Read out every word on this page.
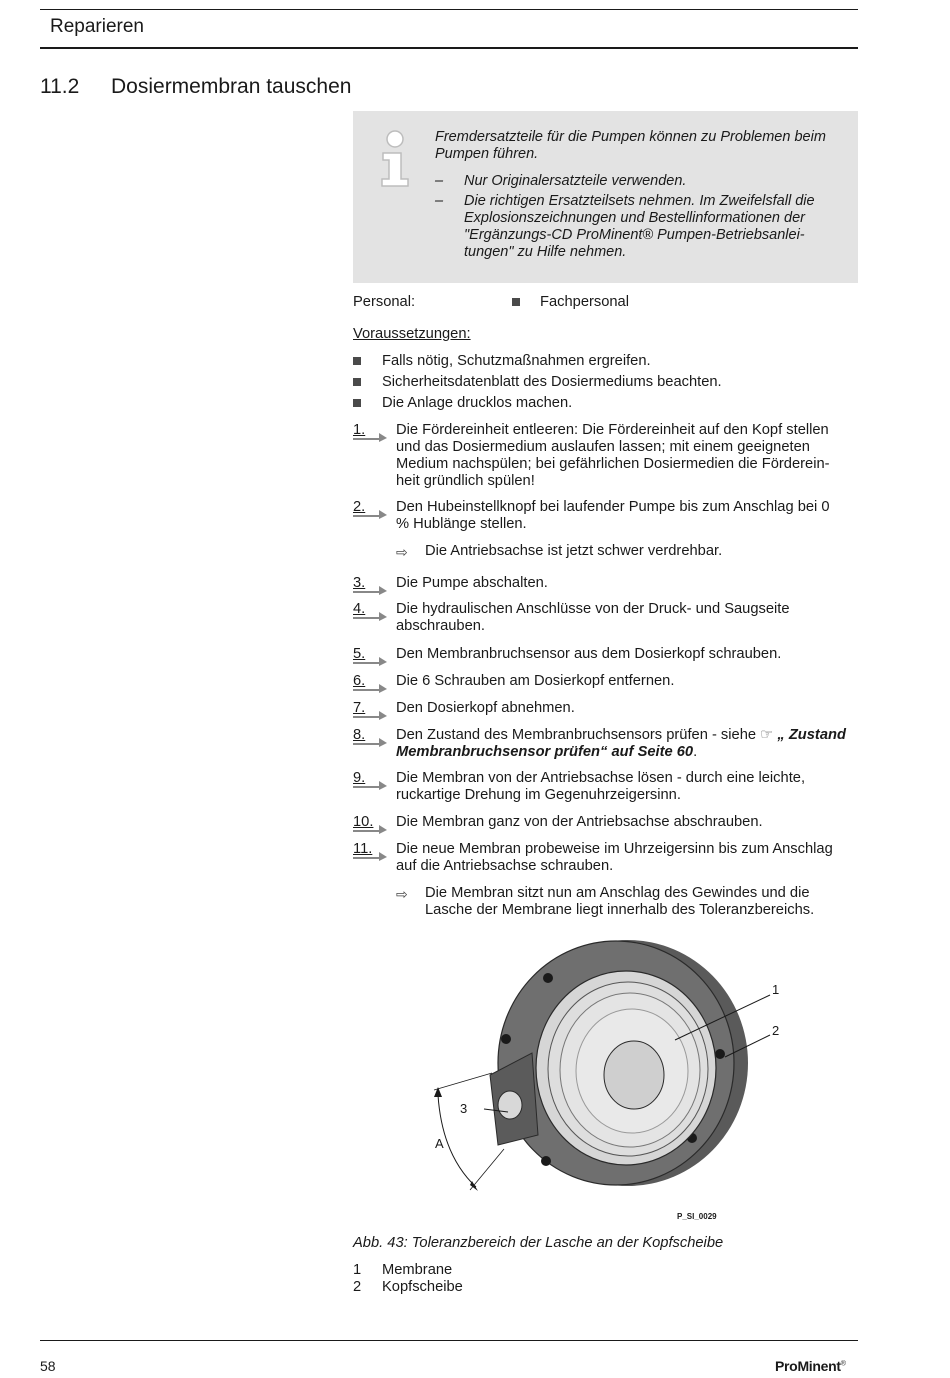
Reparieren
11.2 Dosiermembran tauschen
Fremdersatzteile für die Pumpen können zu Problemen beim
Pumpen führen.
– Nur Originalersatzteile verwenden.
– Die richtigen Ersatzteilsets nehmen. Im Zweifelsfall die
Explosionszeichnungen und Bestellinformationen der
"Ergänzungs-CD ProMinent® Pumpen-Betriebsanlei-
tungen" zu Hilfe nehmen.
Personal:	Fachpersonal
Voraussetzungen:
Falls nötig, Schutzmaßnahmen ergreifen.
Sicherheitsdatenblatt des Dosiermediums beachten.
Die Anlage drucklos machen.
1.	Die Fördereinheit entleeren: Die Fördereinheit auf den Kopf stellen
und das Dosiermedium auslaufen lassen; mit einem geeigneten
Medium nachspülen; bei gefährlichen Dosiermedien die Förderein-
heit gründlich spülen!
2.	Den Hubeinstellknopf bei laufender Pumpe bis zum Anschlag bei 0
% Hublänge stellen.
⇨ Die Antriebsachse ist jetzt schwer verdrehbar.
3.	Die Pumpe abschalten.
4.	Die hydraulischen Anschlüsse von der Druck- und Saugseite
abschrauben.
5.	Den Membranbruchsensor aus dem Dosierkopf schrauben.
6.	Die 6 Schrauben am Dosierkopf entfernen.
7.	Den Dosierkopf abnehmen.
8.	Den Zustand des Membranbruchsensors prüfen - siehe ☞ „ Zustand
Membranbruchsensor prüfen“ auf Seite 60.
9.	Die Membran von der Antriebsachse lösen - durch eine leichte,
ruckartige Drehung im Gegenuhrzeigersinn.
10.	Die Membran ganz von der Antriebsachse abschrauben.
11.	Die neue Membran probeweise im Uhrzeigersinn bis zum Anschlag
auf die Antriebsachse schrauben.
⇨ Die Membran sitzt nun am Anschlag des Gewindes und die
Lasche der Membrane liegt innerhalb des Toleranzbereichs.
1
2
3
A
P_SI_0029
Abb. 43: Toleranzbereich der Lasche an der Kopfscheibe
1 Membrane
2 Kopfscheibe
58	ProMinent®
